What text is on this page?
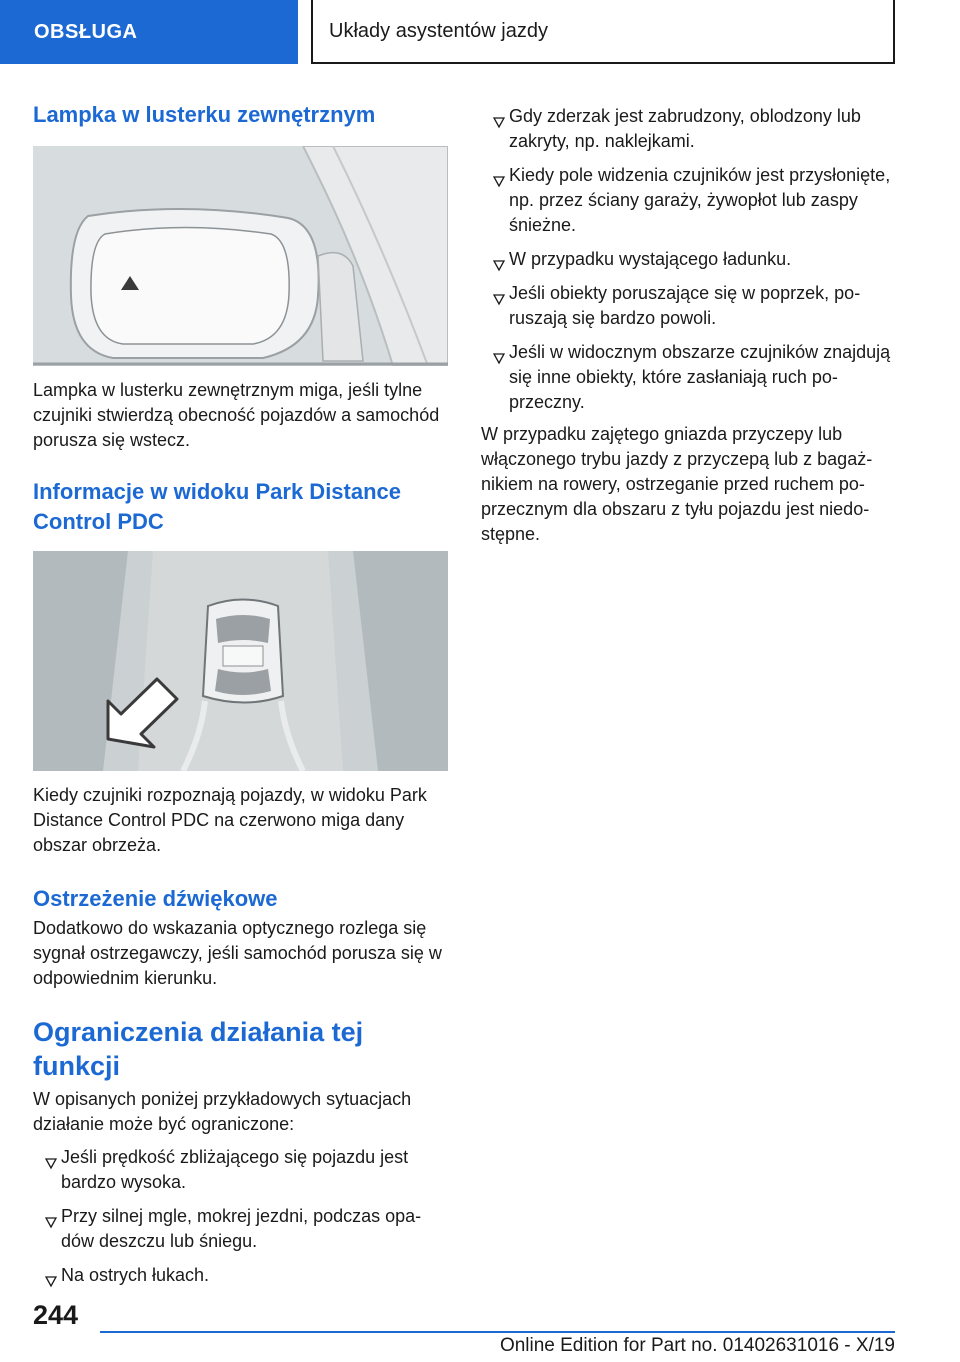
OBSŁUGA	Układy asystentów jazdy
Lampka w lusterku zewnętrznym

Lampka w lusterku zewnętrznym miga, jeśli tylne czujniki stwierdzą obecność pojazdów a samochód porusza się wstecz.

Informacje w widoku Park Distance Control PDC

Kiedy czujniki rozpoznają pojazdy, w widoku Park Distance Control PDC na czerwono miga dany obszar obrzeża.

Ostrzeżenie dźwiękowe

Dodatkowo do wskazania optycznego rozlega się sygnał ostrzegawczy, jeśli samochód porusza się w odpowiednim kierunku.

Ograniczenia działania tej funkcji

W opisanych poniżej przykładowych sytuacjach działanie może być ograniczone:

Jeśli prędkość zbliżającego się pojazdu jest bardzo wysoka.
Przy silnej mgle, mokrej jezdni, podczas opadów deszczu lub śniegu.
Na ostrych łukach.
Gdy zderzak jest zabrudzony, oblodzony lub zakryty, np. naklejkami.
Kiedy pole widzenia czujników jest przysłonięte, np. przez ściany garaży, żywopłot lub zaspy śnieżne.
W przypadku wystającego ładunku.
Jeśli obiekty poruszające się w poprzek, poruszają się bardzo powoli.
Jeśli w widocznym obszarze czujników znajdują się inne obiekty, które zasłaniają ruch poprzeczny.

W przypadku zajętego gniazda przyczepy lub włączonego trybu jazdy z przyczepą lub z bagażnikiem na rowery, ostrzeganie przed ruchem poprzecznym dla obszaru z tyłu pojazdu jest niedostępne.

244
Online Edition for Part no. 01402631016 - X/19
